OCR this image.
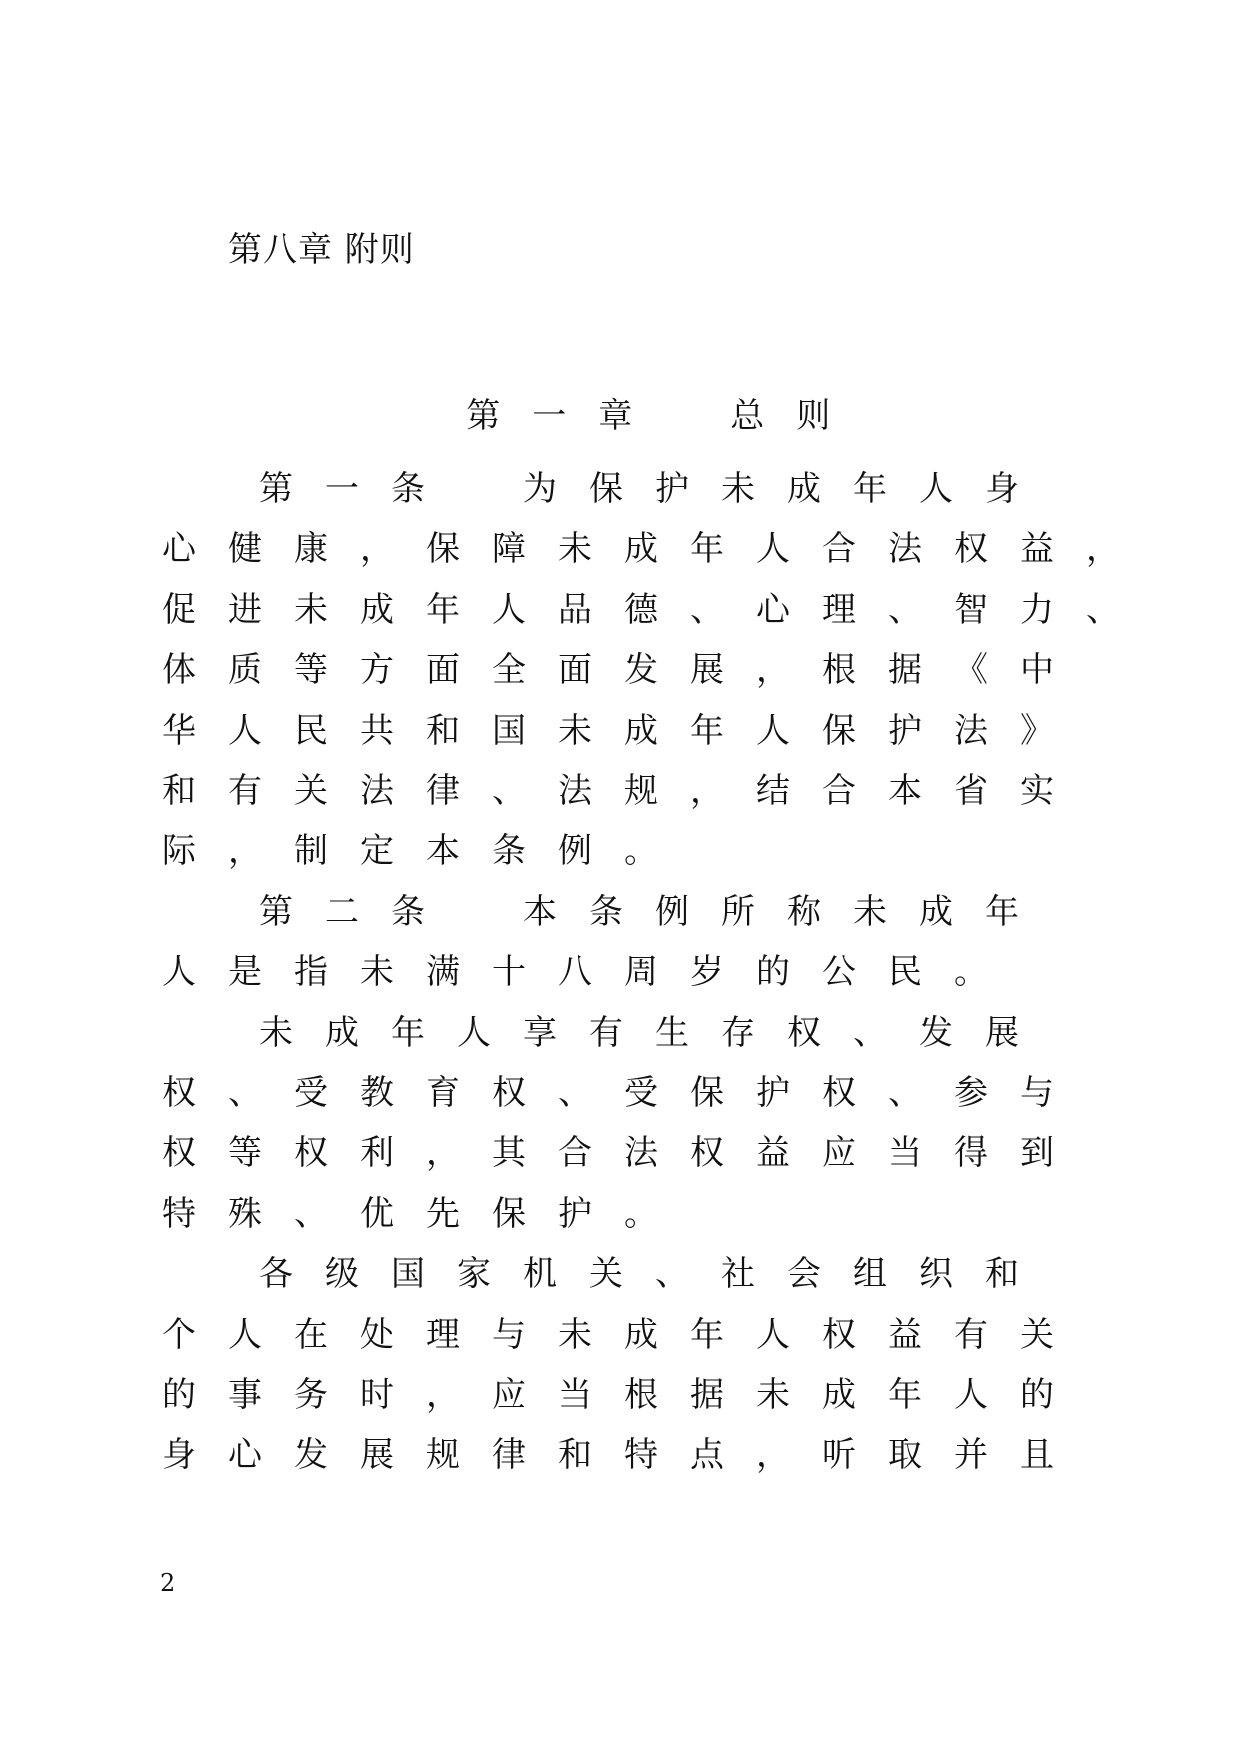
第八章 附则

第 一 章	总 则

第 一 条	为 保 护 未 成 年 人 身
心 健 康 ， 保 障 未 成 年 人 合 法 权 益 ，
促 进 未 成 年 人 品 德 、 心 理 、 智 力 、
体 质 等 方 面 全 面 发 展 ， 根 据 《 中
华 人 民 共 和 国 未 成 年 人 保 护 法 》
和 有 关 法 律 、 法 规 ， 结 合 本 省 实
际 ， 制 定 本 条 例 。
第 二 条	本 条 例 所 称 未 成 年
人 是 指 未 满 十 八 周 岁 的 公 民 。
未 成 年 人 享 有 生 存 权 、 发 展
权 、 受 教 育 权 、 受 保 护 权 、 参 与
权 等 权 利 ， 其 合 法 权 益 应 当 得 到
特 殊 、 优 先 保 护 。
各 级 国 家 机 关 、 社 会 组 织 和
个 人 在 处 理 与 未 成 年 人 权 益 有 关
的 事 务 时 ， 应 当 根 据 未 成 年 人 的
身 心 发 展 规 律 和 特 点 ， 听 取 并 且
2
